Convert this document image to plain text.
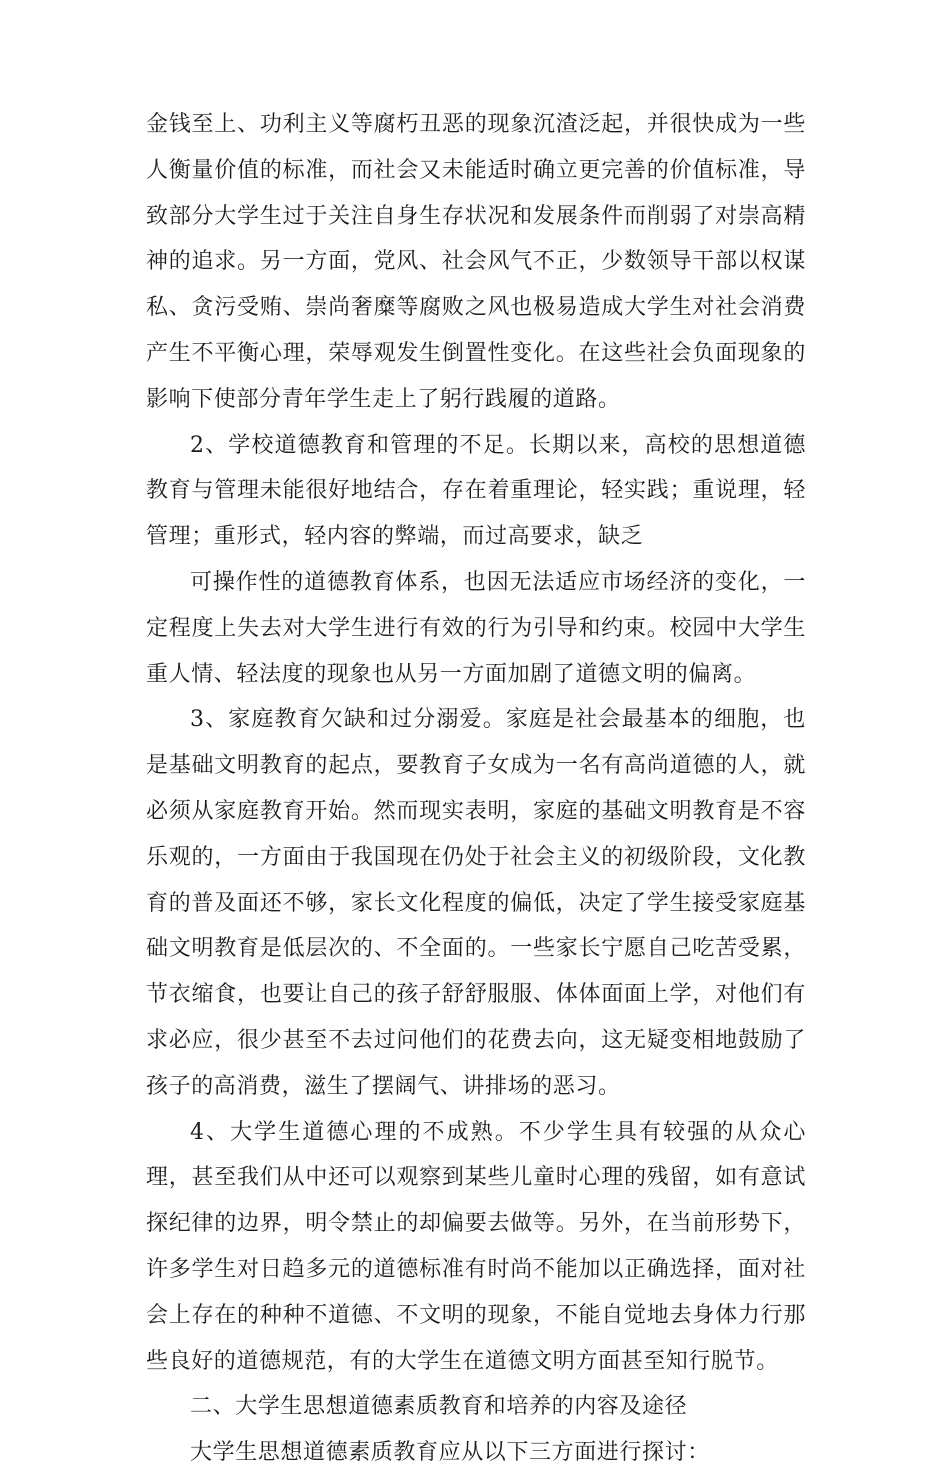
金钱至上、功利主义等腐朽丑恶的现象沉渣泛起，并很快成为一些人衡量价值的标准，而社会又未能适时确立更完善的价值标准，导致部分大学生过于关注自身生存状况和发展条件而削弱了对崇高精神的追求。另一方面，党风、社会风气不正，少数领导干部以权谋私、贪污受贿、崇尚奢糜等腐败之风也极易造成大学生对社会消费产生不平衡心理，荣辱观发生倒置性变化。在这些社会负面现象的影响下使部分青年学生走上了躬行践履的道路。

2、学校道德教育和管理的不足。长期以来，高校的思想道德教育与管理未能很好地结合，存在着重理论，轻实践；重说理，轻管理；重形式，轻内容的弊端，而过高要求，缺乏

可操作性的道德教育体系，也因无法适应市场经济的变化，一定程度上失去对大学生进行有效的行为引导和约束。校园中大学生重人情、轻法度的现象也从另一方面加剧了道德文明的偏离。

3、家庭教育欠缺和过分溺爱。家庭是社会最基本的细胞，也是基础文明教育的起点，要教育子女成为一名有高尚道德的人，就必须从家庭教育开始。然而现实表明，家庭的基础文明教育是不容乐观的，一方面由于我国现在仍处于社会主义的初级阶段，文化教育的普及面还不够，家长文化程度的偏低，决定了学生接受家庭基础文明教育是低层次的、不全面的。一些家长宁愿自己吃苦受累，节衣缩食，也要让自己的孩子舒舒服服、体体面面上学，对他们有求必应，很少甚至不去过问他们的花费去向，这无疑变相地鼓励了孩子的高消费，滋生了摆阔气、讲排场的恶习。

4、大学生道德心理的不成熟。不少学生具有较强的从众心理，甚至我们从中还可以观察到某些儿童时心理的残留，如有意试探纪律的边界，明令禁止的却偏要去做等。另外，在当前形势下，许多学生对日趋多元的道德标准有时尚不能加以正确选择，面对社会上存在的种种不道德、不文明的现象，不能自觉地去身体力行那些良好的道德规范，有的大学生在道德文明方面甚至知行脱节。

二、大学生思想道德素质教育和培养的内容及途径

大学生思想道德素质教育应从以下三方面进行探讨：
